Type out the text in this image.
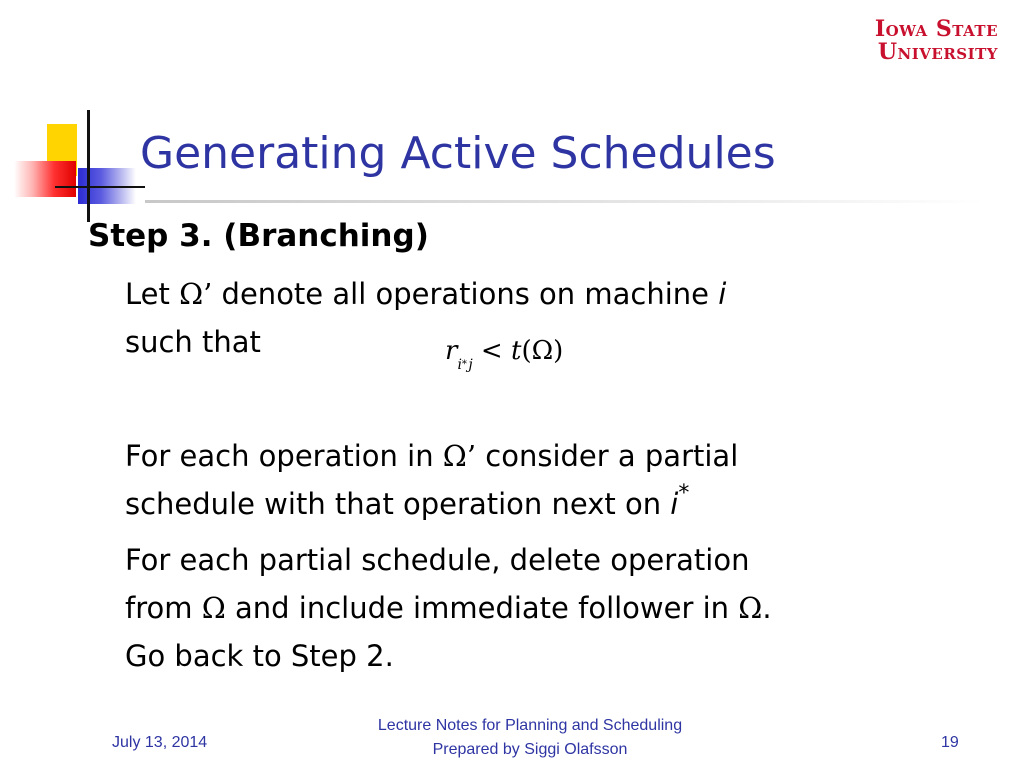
Iowa State
University
Generating Active Schedules
Step 3. (Branching)
Let Ω’ denote all operations on machine i
such that	$r_{i* j} < t(\Omega)$
For each operation in Ω’ consider a partial
schedule with that operation next on i*
For each partial schedule, delete operation
from Ω and include immediate follower in Ω.
Go back to Step 2.
July 13, 2014
Lecture Notes for Planning and Scheduling
Prepared by Siggi Olafsson	19
